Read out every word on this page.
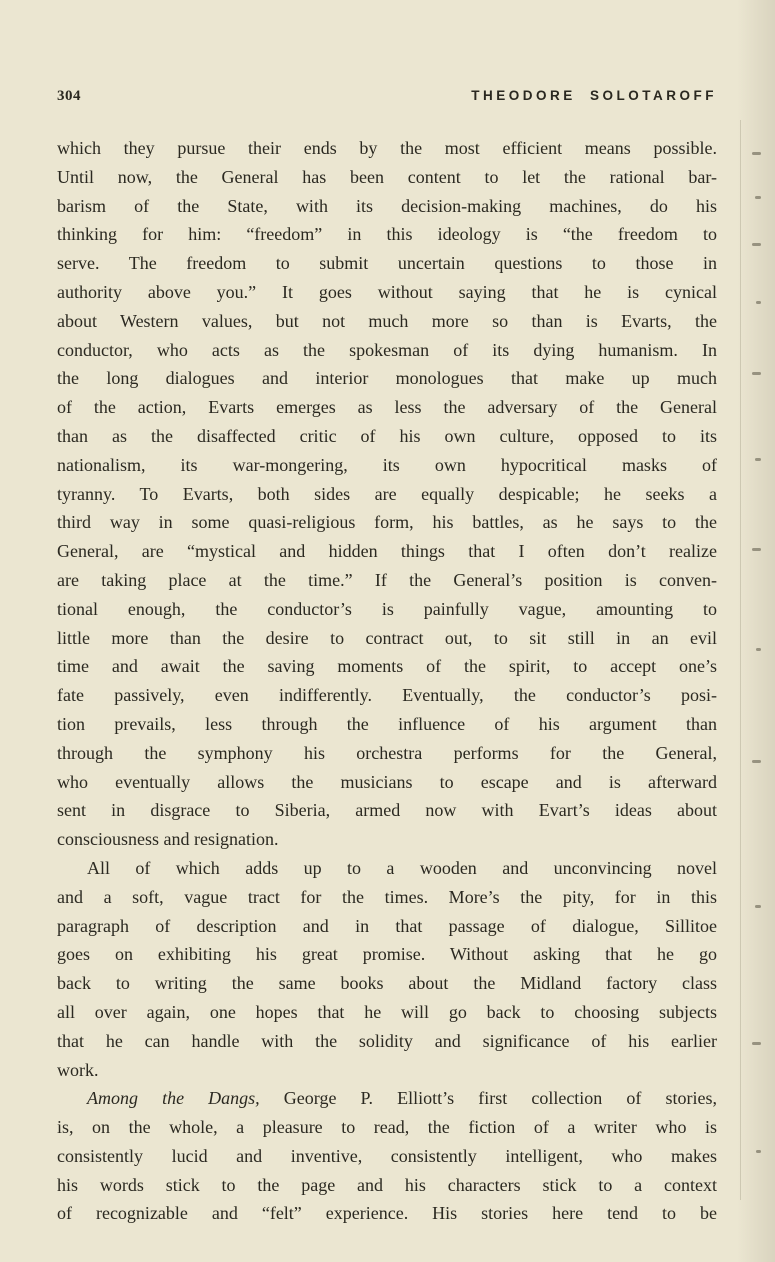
304	THEODORE SOLOTAROFF
which they pursue their ends by the most efficient means possible.
Until now, the General has been content to let the rational bar-
barism of the State, with its decision-making machines, do his
thinking for him: “freedom” in this ideology is “the freedom to
serve. The freedom to submit uncertain questions to those in
authority above you.” It goes without saying that he is cynical
about Western values, but not much more so than is Evarts, the
conductor, who acts as the spokesman of its dying humanism. In
the long dialogues and interior monologues that make up much
of the action, Evarts emerges as less the adversary of the General
than as the disaffected critic of his own culture, opposed to its
nationalism, its war-mongering, its own hypocritical masks of
tyranny. To Evarts, both sides are equally despicable; he seeks a
third way in some quasi-religious form, his battles, as he says to the
General, are “mystical and hidden things that I often don’t realize
are taking place at the time.” If the General’s position is conven-
tional enough, the conductor’s is painfully vague, amounting to
little more than the desire to contract out, to sit still in an evil
time and await the saving moments of the spirit, to accept one’s
fate passively, even indifferently. Eventually, the conductor’s posi-
tion prevails, less through the influence of his argument than
through the symphony his orchestra performs for the General,
who eventually allows the musicians to escape and is afterward
sent in disgrace to Siberia, armed now with Evart’s ideas about
consciousness and resignation.
All of which adds up to a wooden and unconvincing novel
and a soft, vague tract for the times. More’s the pity, for in this
paragraph of description and in that passage of dialogue, Sillitoe
goes on exhibiting his great promise. Without asking that he go
back to writing the same books about the Midland factory class
all over again, one hopes that he will go back to choosing subjects
that he can handle with the solidity and significance of his earlier
work.
Among the Dangs, George P. Elliott’s first collection of stories,
is, on the whole, a pleasure to read, the fiction of a writer who is
consistently lucid and inventive, consistently intelligent, who makes
his words stick to the page and his characters stick to a context
of recognizable and “felt” experience. His stories here tend to be
